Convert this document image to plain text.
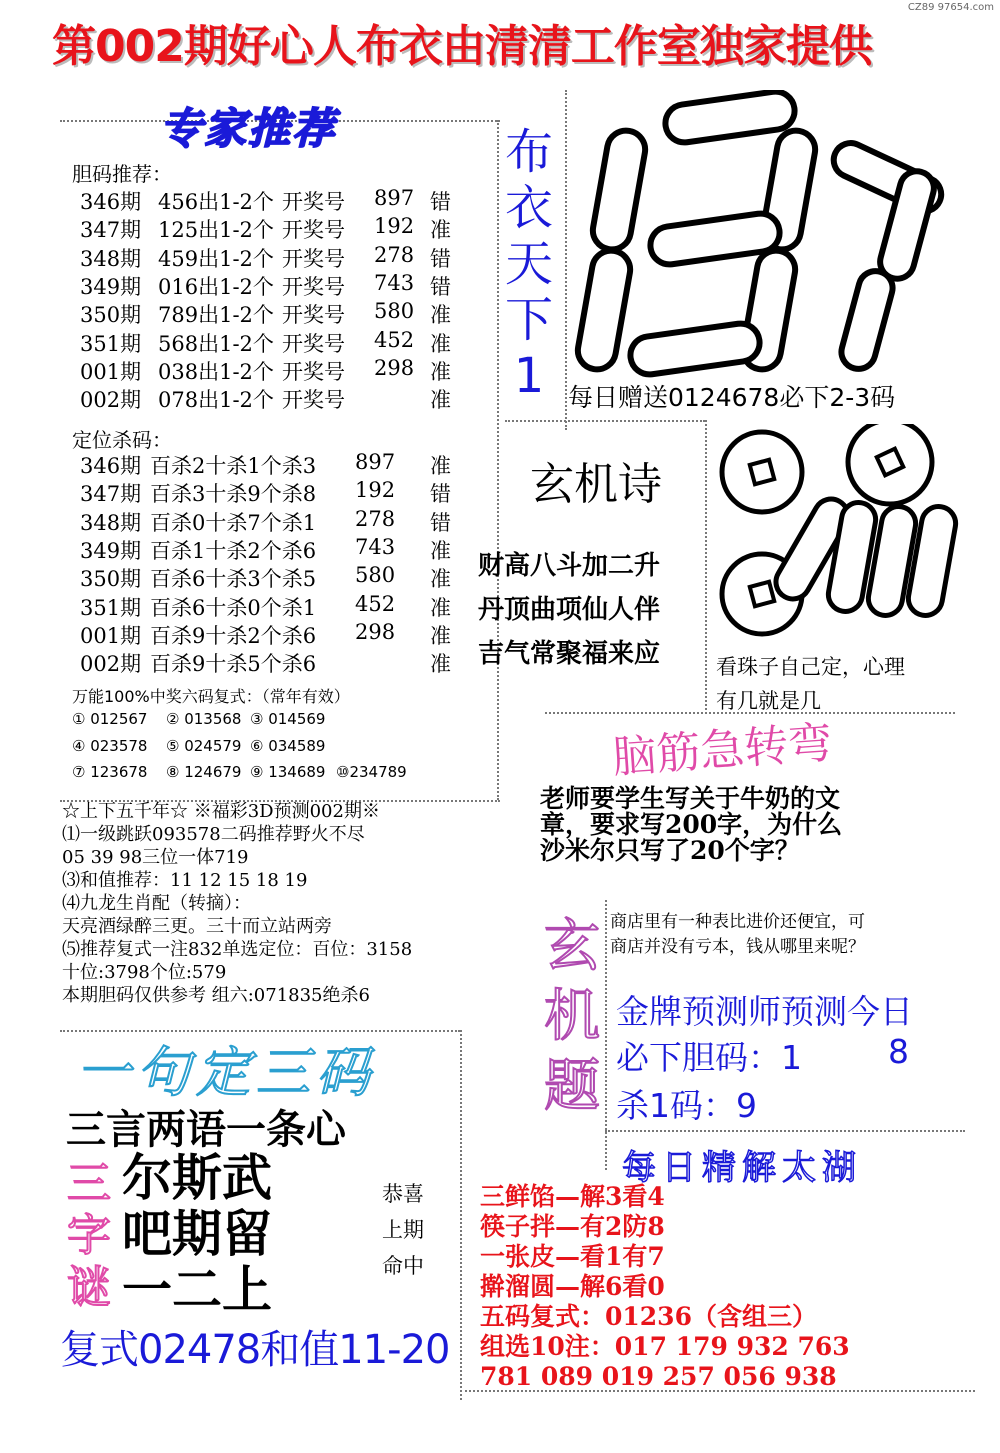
CZ89 97654.com
第002期好心人布衣由清清工作室独家提供
专家推荐
胆码推荐：
346期 456出1-2个 开奖号 897 错
347期 125出1-2个 开奖号 192 准
348期 459出1-2个 开奖号 278 错
349期 016出1-2个 开奖号 743 错
350期 789出1-2个 开奖号 580 准
351期 568出1-2个 开奖号 452 准
001期 038出1-2个 开奖号 298 准
002期 078出1-2个 开奖号	准
定位杀码：
346期 百杀2十杀1个杀3 897 准
347期 百杀3十杀9个杀8 192 错
348期 百杀0十杀7个杀1 278 错
349期 百杀1十杀2个杀6 743 准
350期 百杀6十杀3个杀5 580 准
351期 百杀6十杀0个杀1 452 准
001期 百杀9十杀2个杀6 298 准
002期 百杀9十杀5个杀6	准
万能100%中奖六码复式：（常年有效）
① 012567 ② 013568 ③ 014569
④ 023578 ⑤ 024579 ⑥ 034589
⑦ 123678 ⑧ 124679 ⑨ 134689 ⑩234789
☆上下五千年☆ ※福彩3D预测002期※
⑴一级跳跃093578二码推荐野火不尽
05 39 98三位一体719
⑶和值推荐：11 12 15 18 19
⑷九龙生肖配（转摘）：
天亮酒绿醉三更。三十而立站两旁
⑸推荐复式一注832单选定位：百位：3158
十位:3798个位:579
本期胆码仅供参考 组六:071835绝杀6
布衣天下1 每日赠送0124678必下2-3码
玄机诗
财高八斗加二升
丹顶曲项仙人伴
吉气常聚福来应	看珠子自己定，心理
有几就是几
脑筋急转弯
老师要学生写关于牛奶的文
章，要求写200字，为什么
沙米尔只写了20个字？
玄机题
商店里有一种表比进价还便宜，可
商店并没有亏本，钱从哪里来呢？
金牌预测师预测今日
必下胆码：1	8
杀1码：9
一句定三码
三言两语一条心
三字谜
尔斯武
吧期留
一二上
恭喜
上期
命中
复式02478和值11-20
每日精解太湖
三鲜馅—解3看4
筷子拌—有2防8
一张皮—看1有7
擀溜圆—解6看0
五码复式：01236（含组三）
组选10注：017 179 932 763
781 089 019 257 056 938
